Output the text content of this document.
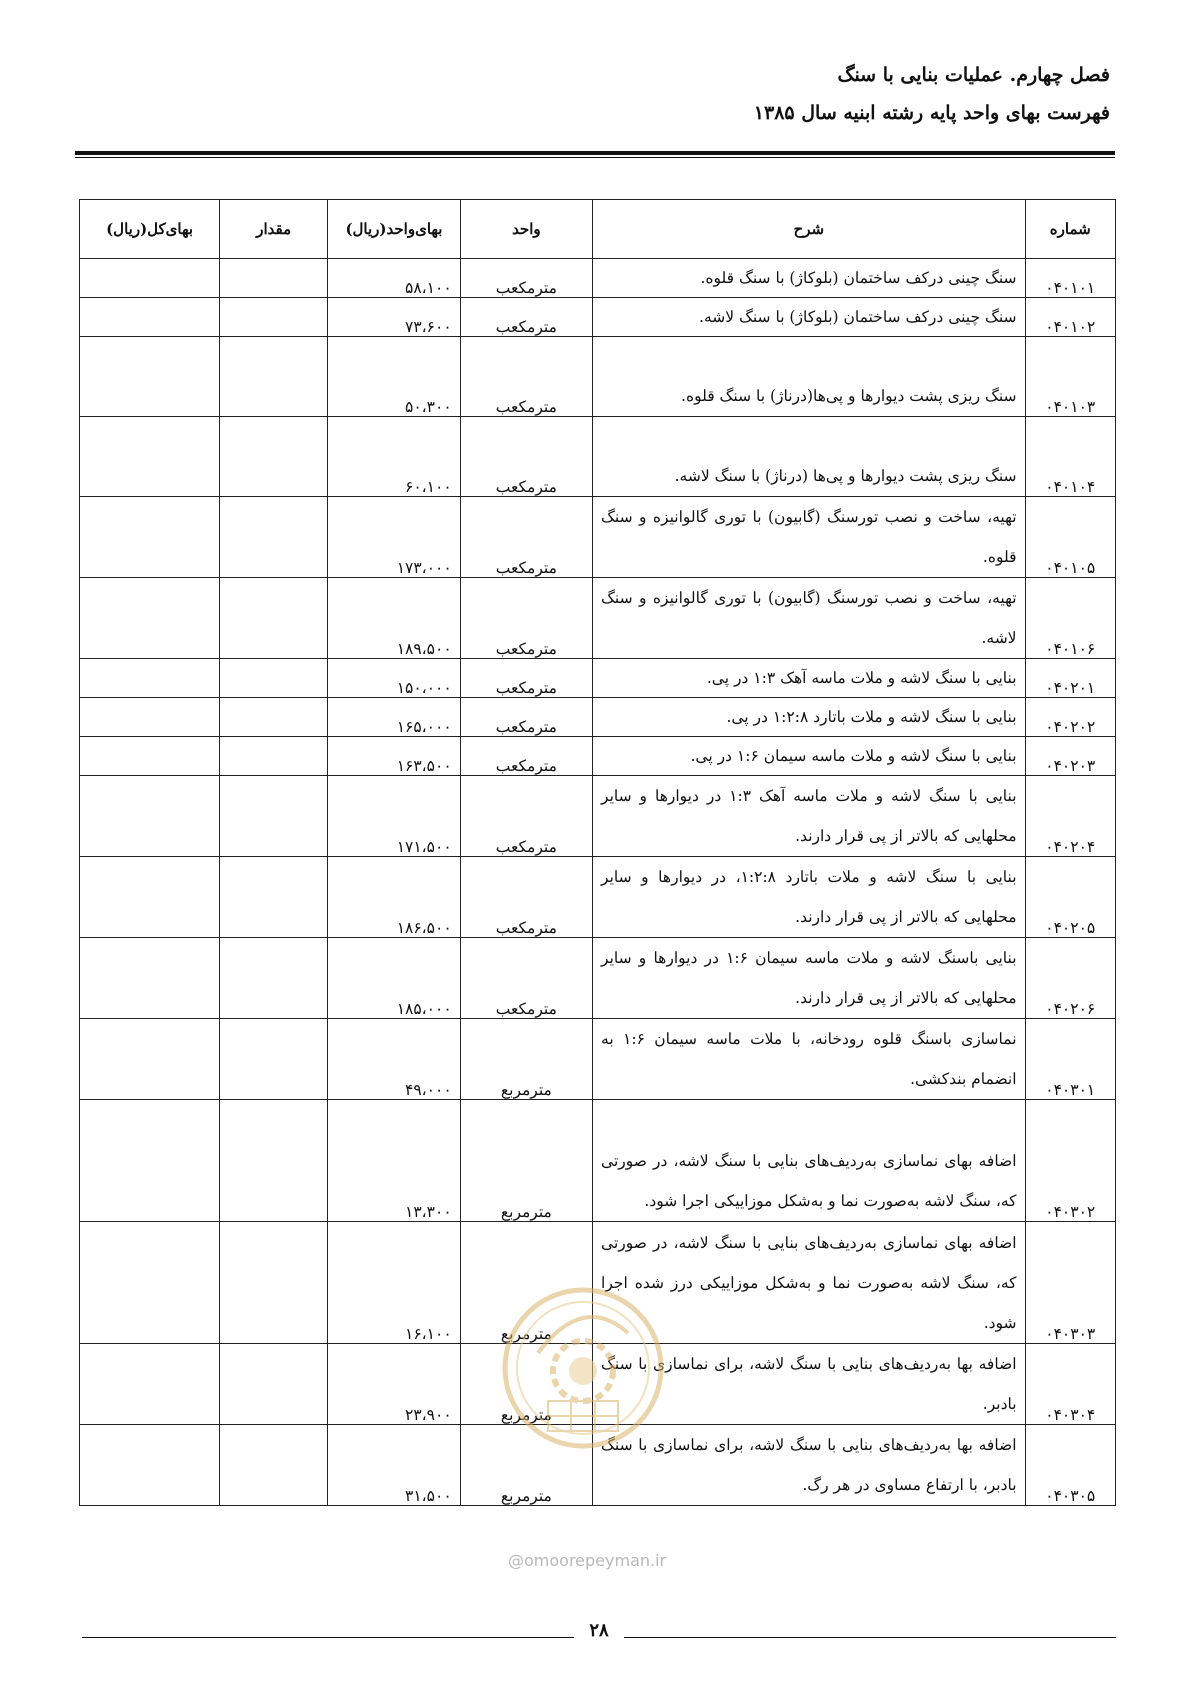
فصل چهارم. عملیات بنایی با سنگ
فهرست بهای واحد پایه رشته ابنیه سال ۱۳۸۵
شماره	شرح	واحد	بهای‌واحد(ریال)	مقدار	بهای‌کل(ریال)
۰۴۰۱۰۱	سنگ چینی درکف ساختمان (بلوکاژ) با سنگ قلوه.	مترمکعب	۵۸،۱۰۰		
۰۴۰۱۰۲	سنگ چینی درکف ساختمان (بلوکاژ) با سنگ لاشه.	مترمکعب	۷۳،۶۰۰		
۰۴۰۱۰۳	سنگ ریزی پشت دیوارها و پی‌ها(درناژ) با سنگ قلوه.	مترمکعب	۵۰،۳۰۰		
۰۴۰۱۰۴	سنگ ریزی پشت دیوارها و پی‌ها (درناژ) با سنگ لاشه.	مترمکعب	۶۰،۱۰۰		
۰۴۰۱۰۵	تهیه، ساخت و نصب تورسنگ (گابیون) با توری گالوانیزه و سنگ قلوه.	مترمکعب	۱۷۳،۰۰۰		
۰۴۰۱۰۶	تهیه، ساخت و نصب تورسنگ (گابیون) با توری گالوانیزه و سنگ لاشه.	مترمکعب	۱۸۹،۵۰۰		
۰۴۰۲۰۱	بنایی با سنگ لاشه و ملات ماسه آهک ۱:۳ در پی.	مترمکعب	۱۵۰،۰۰۰		
۰۴۰۲۰۲	بنایی با سنگ لاشه و ملات باتارد ۱:۲:۸ در پی.	مترمکعب	۱۶۵،۰۰۰		
۰۴۰۲۰۳	بنایی با سنگ لاشه و ملات ماسه سیمان ۱:۶ در پی.	مترمکعب	۱۶۳،۵۰۰		
۰۴۰۲۰۴	بنایی با سنگ لاشه و ملات ماسه آهک ۱:۳ در دیوارها و سایر محلهایی که بالاتر از پی قرار دارند.	مترمکعب	۱۷۱،۵۰۰		
۰۴۰۲۰۵	بنایی با سنگ لاشه و ملات باتارد ۱:۲:۸، در دیوارها و سایر محلهایی که بالاتر از پی قرار دارند.	مترمکعب	۱۸۶،۵۰۰		
۰۴۰۲۰۶	بنایی باسنگ لاشه و ملات ماسه سیمان ۱:۶ در دیوارها و سایر محلهایی که بالاتر از پی قرار دارند.	مترمکعب	۱۸۵،۰۰۰		
۰۴۰۳۰۱	نماسازی باسنگ قلوه رودخانه، با ملات ماسه سیمان ۱:۶ به انضمام بندکشی.	مترمربع	۴۹،۰۰۰		
۰۴۰۳۰۲	اضافه بهای نماسازی به‌ردیف‌های بنایی با سنگ لاشه، در صورتی که، سنگ لاشه به‌صورت نما و به‌شکل موزاییکی اجرا شود.	مترمربع	۱۳،۳۰۰		
۰۴۰۳۰۳	اضافه بهای نماسازی به‌ردیف‌های بنایی با سنگ لاشه، در صورتی که، سنگ لاشه به‌صورت نما و به‌شکل موزاییکی درز شده اجرا شود.	مترمربع	۱۶،۱۰۰		
۰۴۰۳۰۴	اضافه بها به‌ردیف‌های بنایی با سنگ لاشه، برای نماسازی با سنگ بادبر.	مترمربع	۲۳،۹۰۰		
۰۴۰۳۰۵	اضافه بها به‌ردیف‌های بنایی با سنگ لاشه، برای نماسازی با سنگ بادبر، با ارتفاع مساوی در هر رگ.	مترمربع	۳۱،۵۰۰		
@omoorepeyman.ir
۲۸
